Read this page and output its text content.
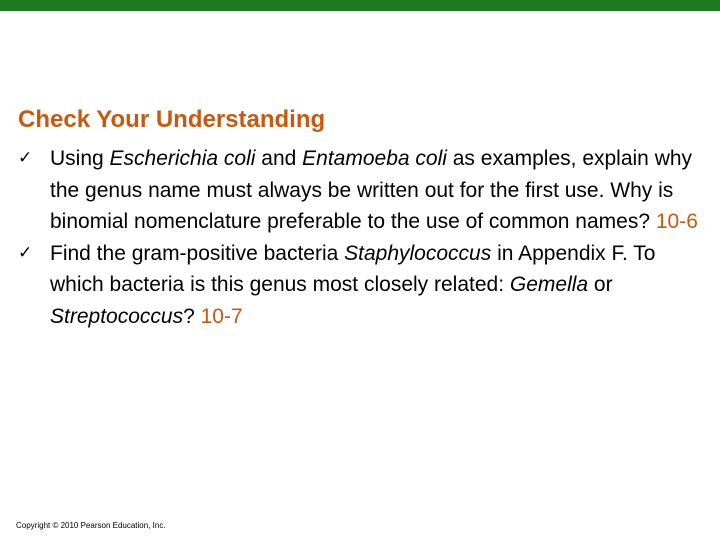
Check Your Understanding
✓ Using Escherichia coli and Entamoeba coli as examples, explain why the genus name must always be written out for the first use. Why is binomial nomenclature preferable to the use of common names? 10-6
✓ Find the gram-positive bacteria Staphylococcus in Appendix F. To which bacteria is this genus most closely related: Gemella or Streptococcus? 10-7
Copyright © 2010 Pearson Education, Inc.
